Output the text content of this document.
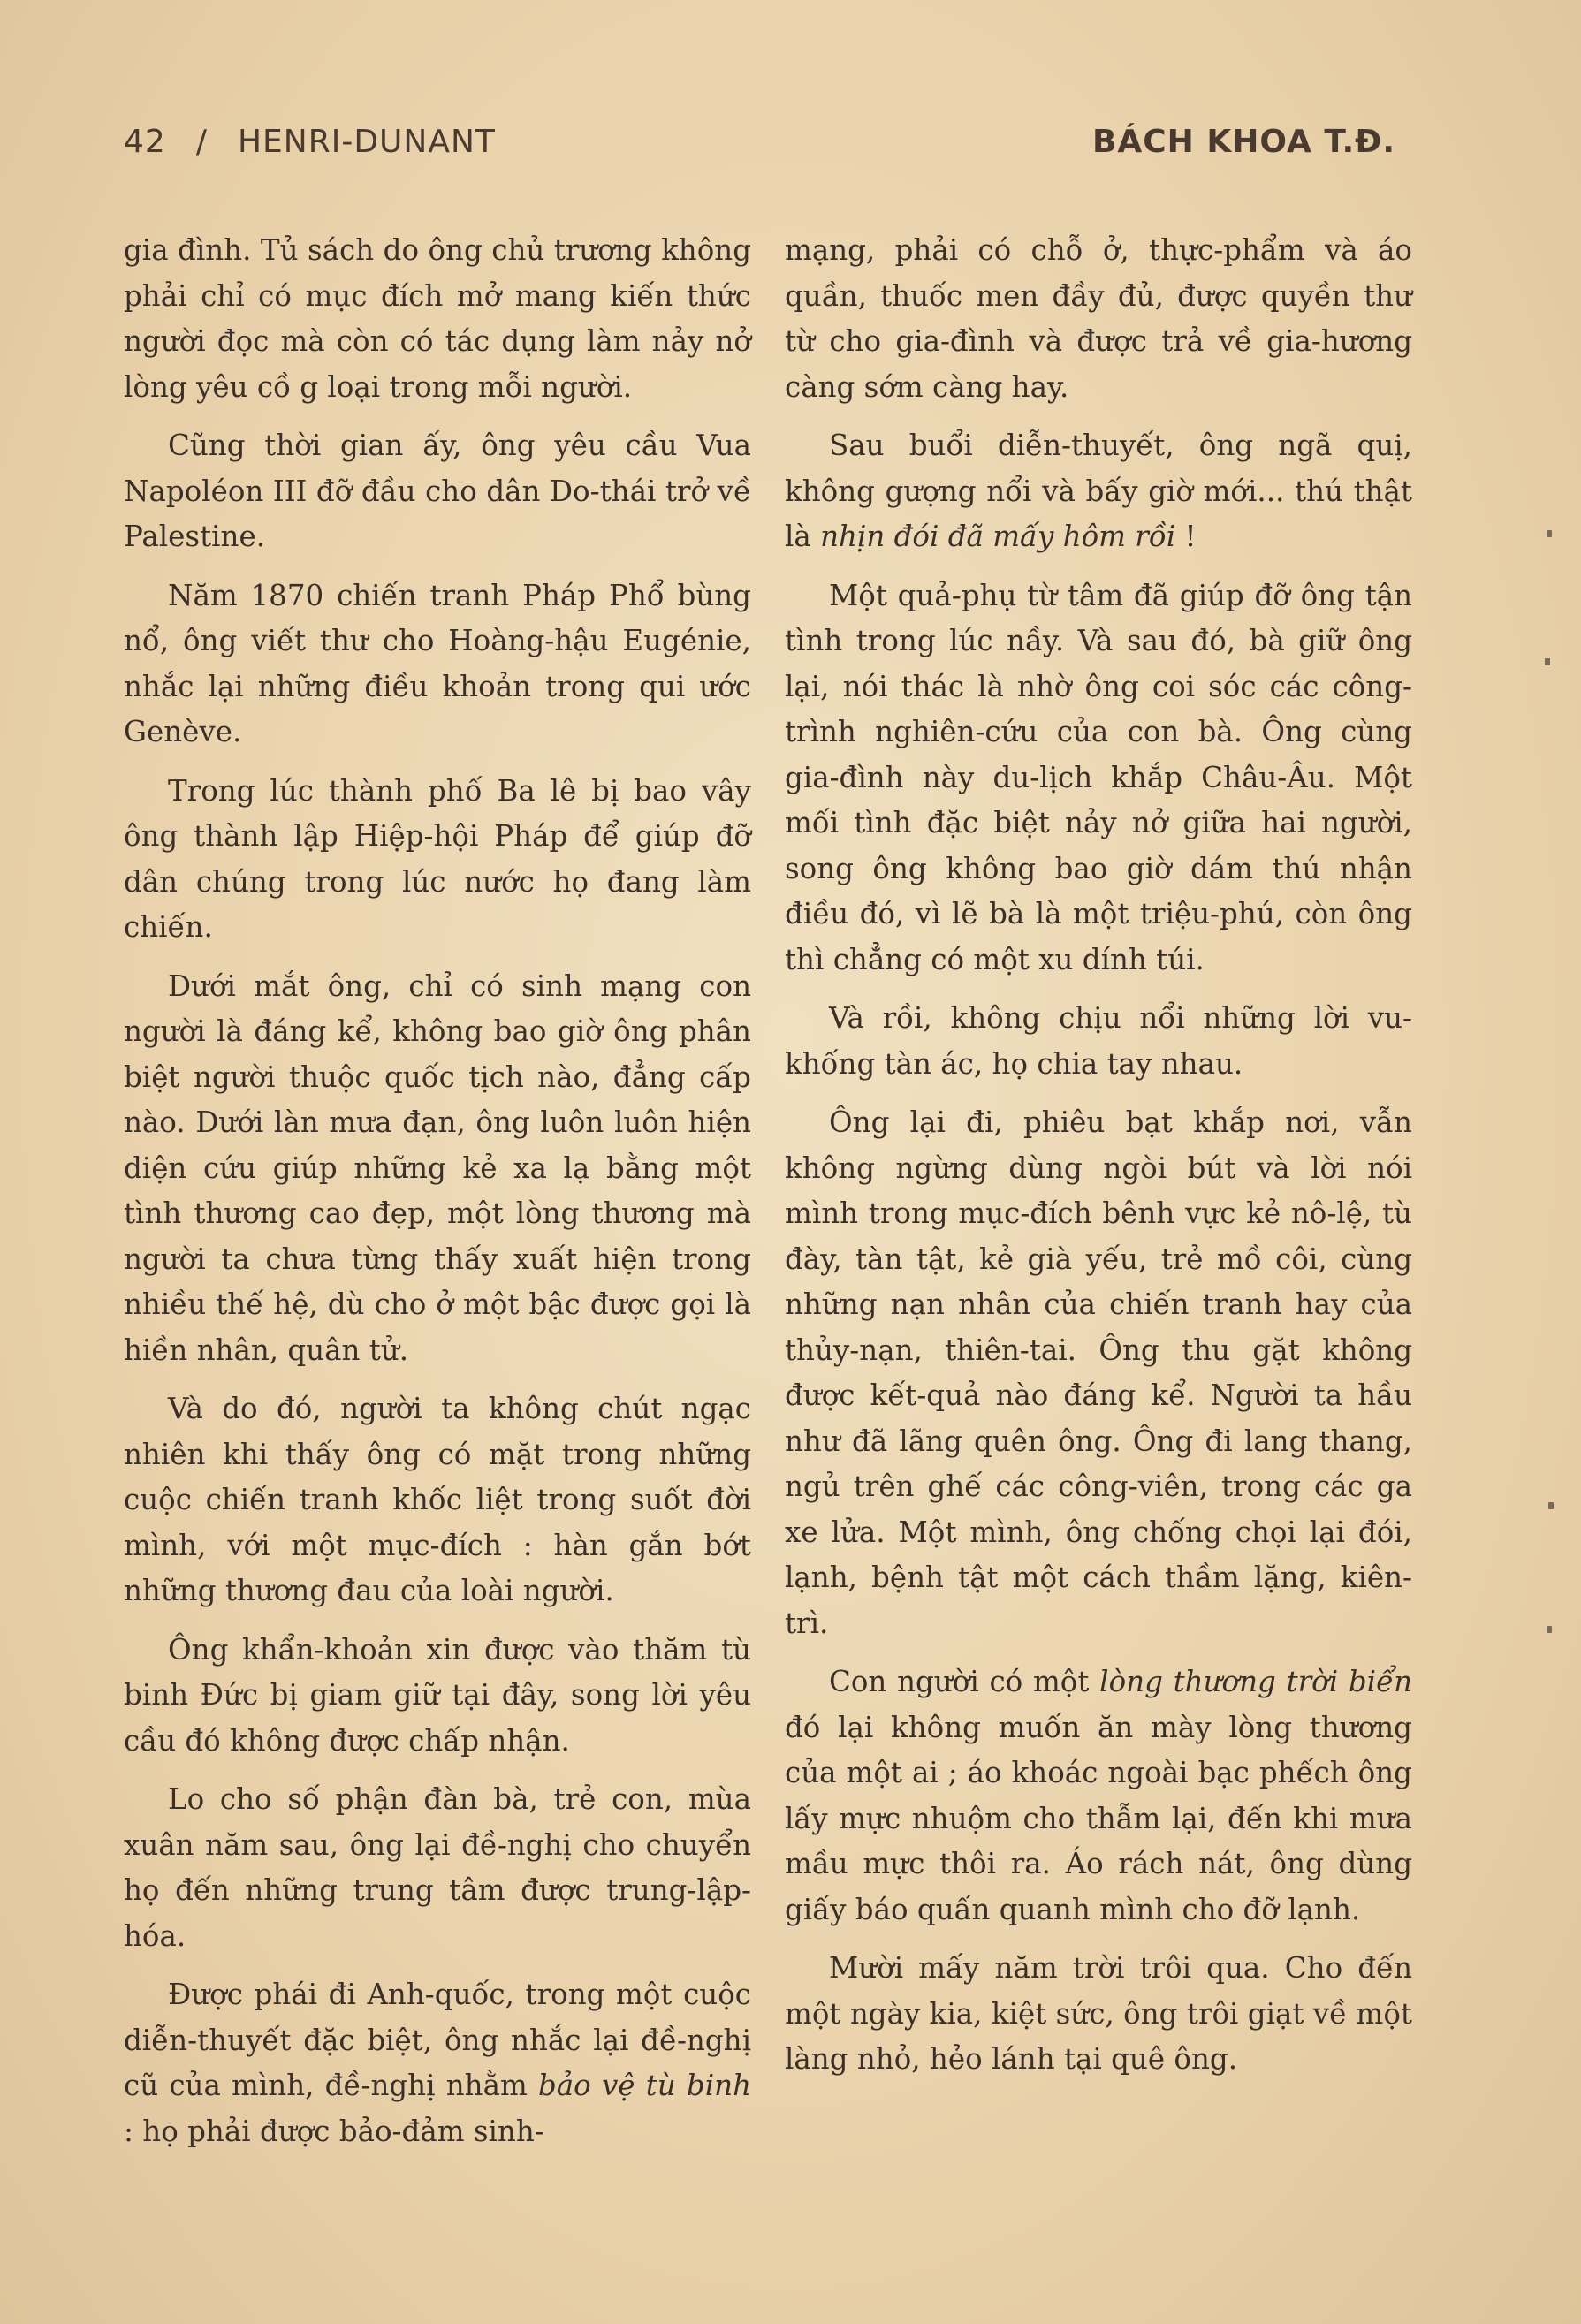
42 / HENRI-DUNANT	BÁCH KHOA T.Đ.

gia đình. Tủ sách do ông chủ trương không phải chỉ có mục đích mở mang kiến thức người đọc mà còn có tác dụng làm nảy nở lòng yêu cồ g loại trong mỗi người.

Cũng thời gian ấy, ông yêu cầu Vua Napoléon III đỡ đầu cho dân Do-thái trở về Palestine.

Năm 1870 chiến tranh Pháp Phổ bùng nổ, ông viết thư cho Hoàng-hậu Eugénie, nhắc lại những điều khoản trong qui ước Genève.

Trong lúc thành phố Ba lê bị bao vây ông thành lập Hiệp-hội Pháp để giúp đỡ dân chúng trong lúc nước họ đang làm chiến.

Dưới mắt ông, chỉ có sinh mạng con người là đáng kể, không bao giờ ông phân biệt người thuộc quốc tịch nào, đẳng cấp nào. Dưới làn mưa đạn, ông luôn luôn hiện diện cứu giúp những kẻ xa lạ bằng một tình thương cao đẹp, một lòng thương mà người ta chưa từng thấy xuất hiện trong nhiều thế hệ, dù cho ở một bậc được gọi là hiền nhân, quân tử.

Và do đó, người ta không chút ngạc nhiên khi thấy ông có mặt trong những cuộc chiến tranh khốc liệt trong suốt đời mình, với một mục-đích : hàn gắn bớt những thương đau của loài người.

Ông khẩn-khoản xin được vào thăm tù binh Đức bị giam giữ tại đây, song lời yêu cầu đó không được chấp nhận.

Lo cho số phận đàn bà, trẻ con, mùa xuân năm sau, ông lại đề-nghị cho chuyển họ đến những trung tâm được trung-lập-hóa.

Được phái đi Anh-quốc, trong một cuộc diễn-thuyết đặc biệt, ông nhắc lại đề-nghị cũ của mình, đề-nghị nhằm bảo vệ tù binh : họ phải được bảo-đảm sinh-

mạng, phải có chỗ ở, thực-phẩm và áo quần, thuốc men đầy đủ, được quyền thư từ cho gia-đình và được trả về gia-hương càng sớm càng hay.

Sau buổi diễn-thuyết, ông ngã quị, không gượng nổi và bấy giờ mới... thú thật là nhịn đói đã mấy hôm rồi !

Một quả-phụ từ tâm đã giúp đỡ ông tận tình trong lúc nầy. Và sau đó, bà giữ ông lại, nói thác là nhờ ông coi sóc các công-trình nghiên-cứu của con bà. Ông cùng gia-đình này du-lịch khắp Châu-Âu. Một mối tình đặc biệt nảy nở giữa hai người, song ông không bao giờ dám thú nhận điều đó, vì lẽ bà là một triệu-phú, còn ông thì chẳng có một xu dính túi.

Và rồi, không chịu nổi những lời vu-khống tàn ác, họ chia tay nhau.

Ông lại đi, phiêu bạt khắp nơi, vẫn không ngừng dùng ngòi bút và lời nói mình trong mục-đích bênh vực kẻ nô-lệ, tù đày, tàn tật, kẻ già yếu, trẻ mồ côi, cùng những nạn nhân của chiến tranh hay của thủy-nạn, thiên-tai. Ông thu gặt không được kết-quả nào đáng kể. Người ta hầu như đã lãng quên ông. Ông đi lang thang, ngủ trên ghế các công-viên, trong các ga xe lửa. Một mình, ông chống chọi lại đói, lạnh, bệnh tật một cách thầm lặng, kiên-trì.

Con người có một lòng thương trời biển đó lại không muốn ăn mày lòng thương của một ai ; áo khoác ngoài bạc phếch ông lấy mực nhuộm cho thẫm lại, đến khi mưa mầu mực thôi ra. Áo rách nát, ông dùng giấy báo quấn quanh mình cho đỡ lạnh.

Mười mấy năm trời trôi qua. Cho đến một ngày kia, kiệt sức, ông trôi giạt về một làng nhỏ, hẻo lánh tại quê ông.
